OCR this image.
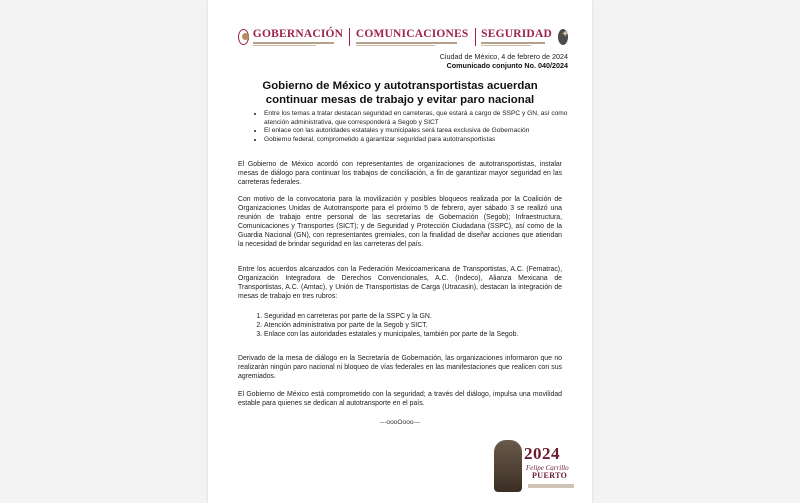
GOBERNACIÓN COMUNICACIONES SEGURIDAD
✦
Ciudad de México, 4 de febrero de 2024
Comunicado conjunto No. 040/2024
Gobierno de México y autotransportistas acuerdan
continuar mesas de trabajo y evitar paro nacional
• Entre los temas a tratar destacan seguridad en carreteras, que estará a cargo de SSPC y GN, así como atención administrativa, que corresponderá a Segob y SICT
• El enlace con las autoridades estatales y municipales será tarea exclusiva de Gobernación
• Gobierno federal, comprometido a garantizar seguridad para autotransportistas

El Gobierno de México acordó con representantes de organizaciones de autotransportistas, instalar mesas de diálogo para continuar los trabajos de conciliación, a fin de garantizar mayor seguridad en las carreteras federales.

Con motivo de la convocatoria para la movilización y posibles bloqueos realizada por la Coalición de Organizaciones Unidas de Autotransporte para el próximo 5 de febrero, ayer sábado 3 se realizó una reunión de trabajo entre personal de las secretarías de Gobernación (Segob); Infraestructura, Comunicaciones y Transportes (SICT); y de Seguridad y Protección Ciudadana (SSPC), así como de la Guardia Nacional (GN), con representantes gremiales, con la finalidad de diseñar acciones que atiendan la necesidad de brindar seguridad en las carreteras del país.

Entre los acuerdos alcanzados con la Federación Mexicoamericana de Transportistas, A.C. (Fematrac), Organización Integradora de Derechos Convencionales, A.C. (Indeco), Alianza Mexicana de Transportistas, A.C. (Amtac), y Unión de Transportistas de Carga (Utracasin), destacan la integración de mesas de trabajo en tres rubros:

1. Seguridad en carreteras por parte de la SSPC y la GN.
2. Atención administrativa por parte de la Segob y SICT.
3. Enlace con las autoridades estatales y municipales, también por parte de la Segob.

Derivado de la mesa de diálogo en la Secretaría de Gobernación, las organizaciones informaron que no realizarán ningún paro nacional ni bloqueo de vías federales en las manifestaciones que realicen con sus agremiados.

El Gobierno de México está comprometido con la seguridad; a través del diálogo, impulsa una movilidad estable para quienes se dedican al autotransporte en el país.

---oooOooo---
2024
Felipe Carrillo
PUERTO
